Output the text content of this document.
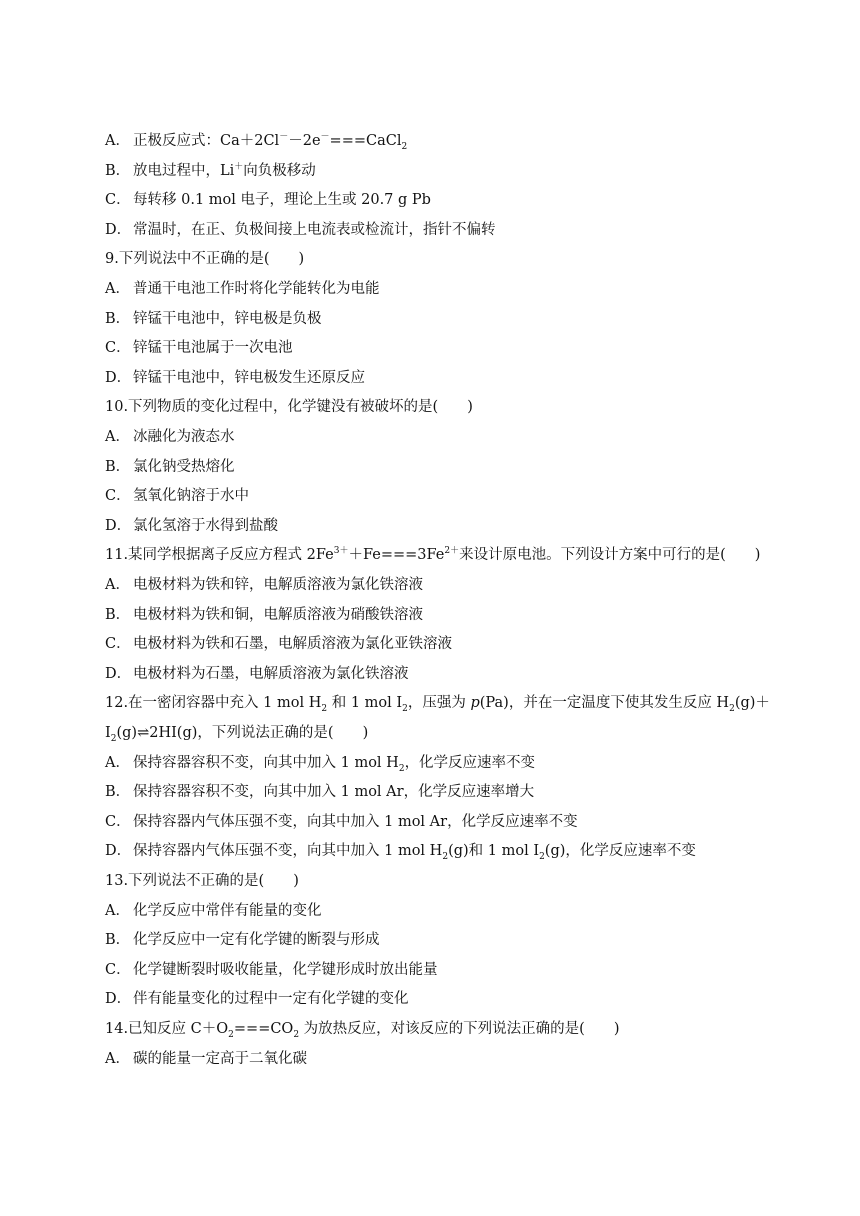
A． 正极反应式：Ca＋2Cl－－2e－===CaCl$_2$
B． 放电过程中，Li＋向负极移动
C． 每转移 0.1 mol 电子，理论上生或 20.7 g Pb
D． 常温时，在正、负极间接上电流表或检流计，指针不偏转
9.下列说法中不正确的是(　　)
A． 普通干电池工作时将化学能转化为电能
B． 锌锰干电池中，锌电极是负极
C． 锌锰干电池属于一次电池
D． 锌锰干电池中，锌电极发生还原反应
10.下列物质的变化过程中，化学键没有被破坏的是(　　)
A． 冰融化为液态水
B． 氯化钠受热熔化
C． 氢氧化钠溶于水中
D． 氯化氢溶于水得到盐酸
11.某同学根据离子反应方程式 $2Fe^{3+}+Fe===3Fe^{2+}$来设计原电池。下列设计方案中可行的是(　　)
A． 电极材料为铁和锌，电解质溶液为氯化铁溶液
B． 电极材料为铁和铜，电解质溶液为硝酸铁溶液
C． 电极材料为铁和石墨，电解质溶液为氯化亚铁溶液
D． 电极材料为石墨，电解质溶液为氯化铁溶液
12.在一密闭容器中充入 1 mol $H_2$ 和 1 mol $I_2$，压强为 p(Pa)，并在一定温度下使其发生反应 $H_2(g)+$
$I_2(g)\rightleftharpoons 2HI(g)$，下列说法正确的是(　　)
A． 保持容器容积不变，向其中加入 1 mol $H_2$，化学反应速率不变
B． 保持容器容积不变，向其中加入 1 mol Ar，化学反应速率增大
C． 保持容器内气体压强不变，向其中加入 1 mol Ar，化学反应速率不变
D． 保持容器内气体压强不变，向其中加入 1 mol $H_2(g)$和 1 mol $I_2(g)$，化学反应速率不变
13.下列说法不正确的是(　　)
A． 化学反应中常伴有能量的变化
B． 化学反应中一定有化学键的断裂与形成
C． 化学键断裂时吸收能量，化学键形成时放出能量
D． 伴有能量变化的过程中一定有化学键的变化
14.已知反应 $C+O_2===CO_2$ 为放热反应，对该反应的下列说法正确的是(　　)
A． 碳的能量一定高于二氧化碳
